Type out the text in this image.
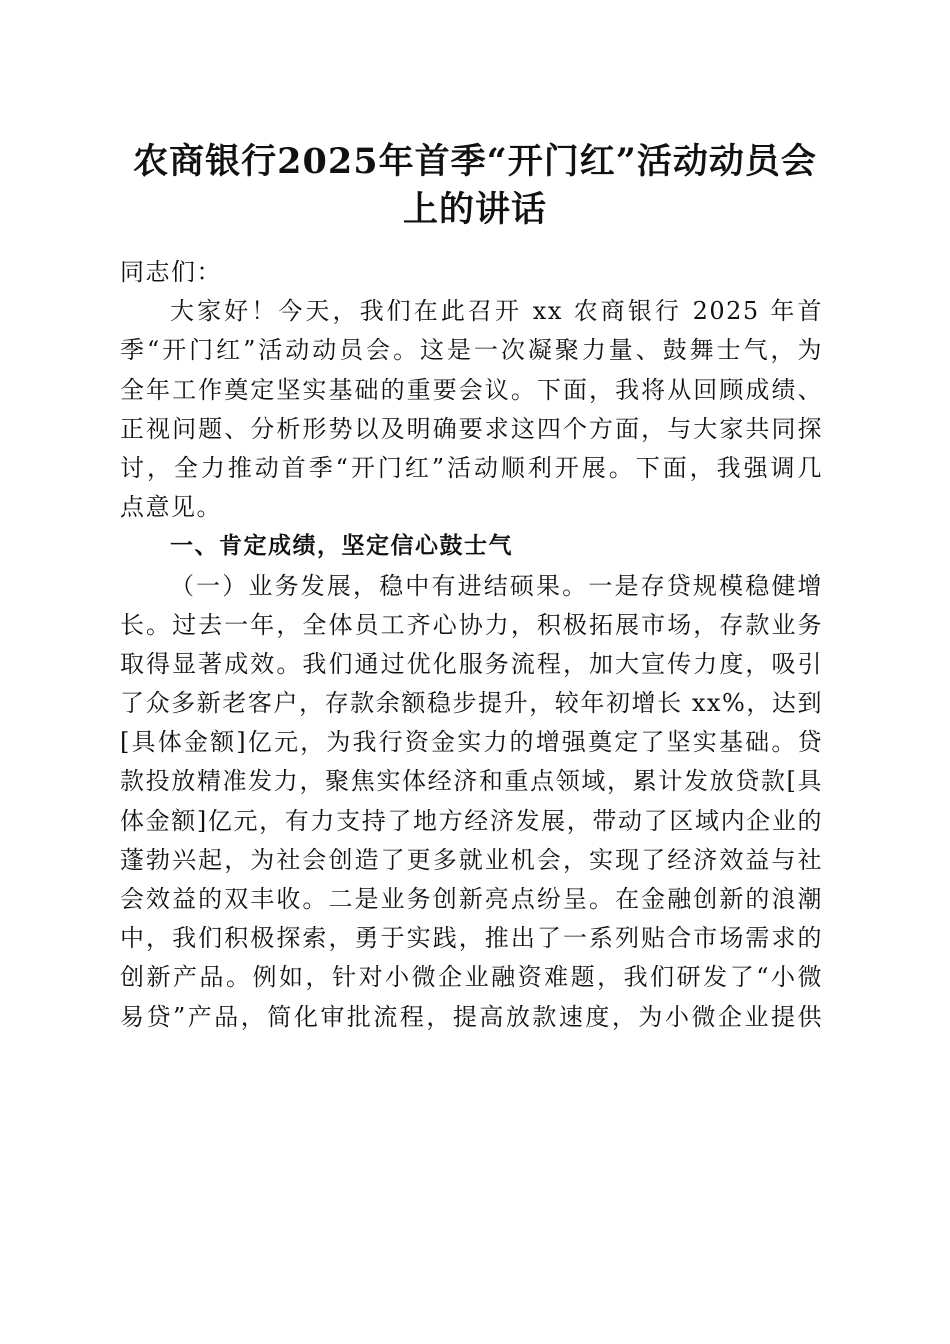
农商银行2025年首季“开门红”活动动员会
上的讲话

同志们：

大家好！今天，我们在此召开 xx 农商银行 2025 年首
季“开门红”活动动员会。这是一次凝聚力量、鼓舞士气，为
全年工作奠定坚实基础的重要会议。下面，我将从回顾成绩、
正视问题、分析形势以及明确要求这四个方面，与大家共同探
讨，全力推动首季“开门红”活动顺利开展。下面，我强调几
点意见。

一、肯定成绩，坚定信心鼓士气

（一）业务发展，稳中有进结硕果。一是存贷规模稳健增
长。过去一年，全体员工齐心协力，积极拓展市场，存款业务
取得显著成效。我们通过优化服务流程，加大宣传力度，吸引
了众多新老客户，存款余额稳步提升，较年初增长 xx%，达到
[具体金额]亿元，为我行资金实力的增强奠定了坚实基础。贷
款投放精准发力，聚焦实体经济和重点领域，累计发放贷款[具
体金额]亿元，有力支持了地方经济发展，带动了区域内企业的
蓬勃兴起，为社会创造了更多就业机会，实现了经济效益与社
会效益的双丰收。二是业务创新亮点纷呈。在金融创新的浪潮
中，我们积极探索，勇于实践，推出了一系列贴合市场需求的
创新产品。例如，针对小微企业融资难题，我们研发了“小微
易贷”产品，简化审批流程，提高放款速度，为小微企业提供
